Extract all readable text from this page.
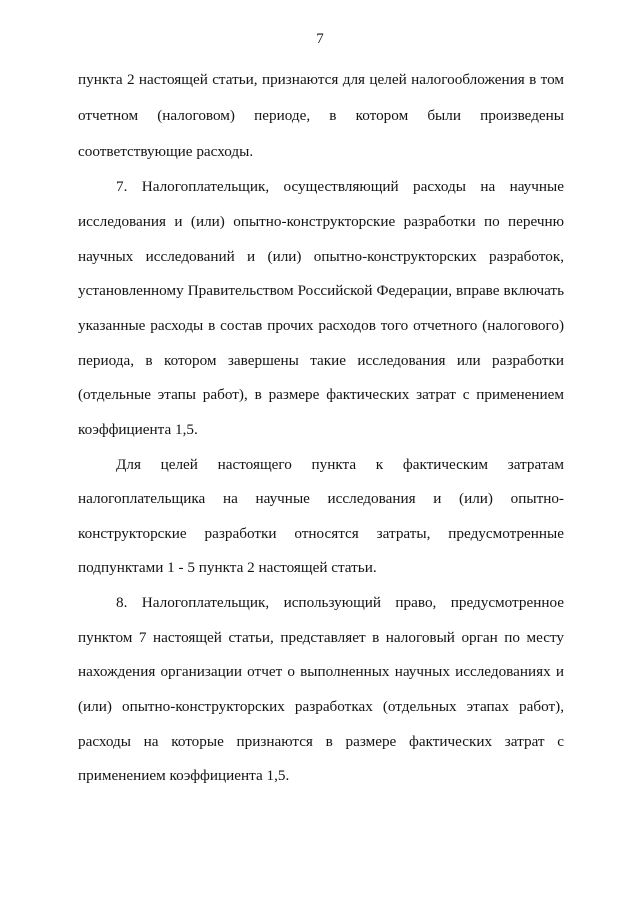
7
пункта 2 настоящей статьи, признаются для целей налогообложения в том
отчетном (налоговом) периоде, в котором были произведены
соответствующие расходы.
7. Налогоплательщик, осуществляющий расходы на научные
исследования и (или) опытно-конструкторские разработки по перечню
научных исследований и (или) опытно-конструкторских разработок,
установленному Правительством Российской Федерации, вправе включать
указанные расходы в состав прочих расходов того отчетного (налогового)
периода, в котором завершены такие исследования или разработки
(отдельные этапы работ), в размере фактических затрат с применением
коэффициента 1,5.
Для целей настоящего пункта к фактическим затратам
налогоплательщика на научные исследования и (или) опытно-
конструкторские разработки относятся затраты, предусмотренные
подпунктами 1 - 5 пункта 2 настоящей статьи.
8. Налогоплательщик, использующий право, предусмотренное
пунктом 7 настоящей статьи, представляет в налоговый орган по месту
нахождения организации отчет о выполненных научных исследованиях и
(или) опытно-конструкторских разработках (отдельных этапах работ),
расходы на которые признаются в размере фактических затрат с
применением коэффициента 1,5.
